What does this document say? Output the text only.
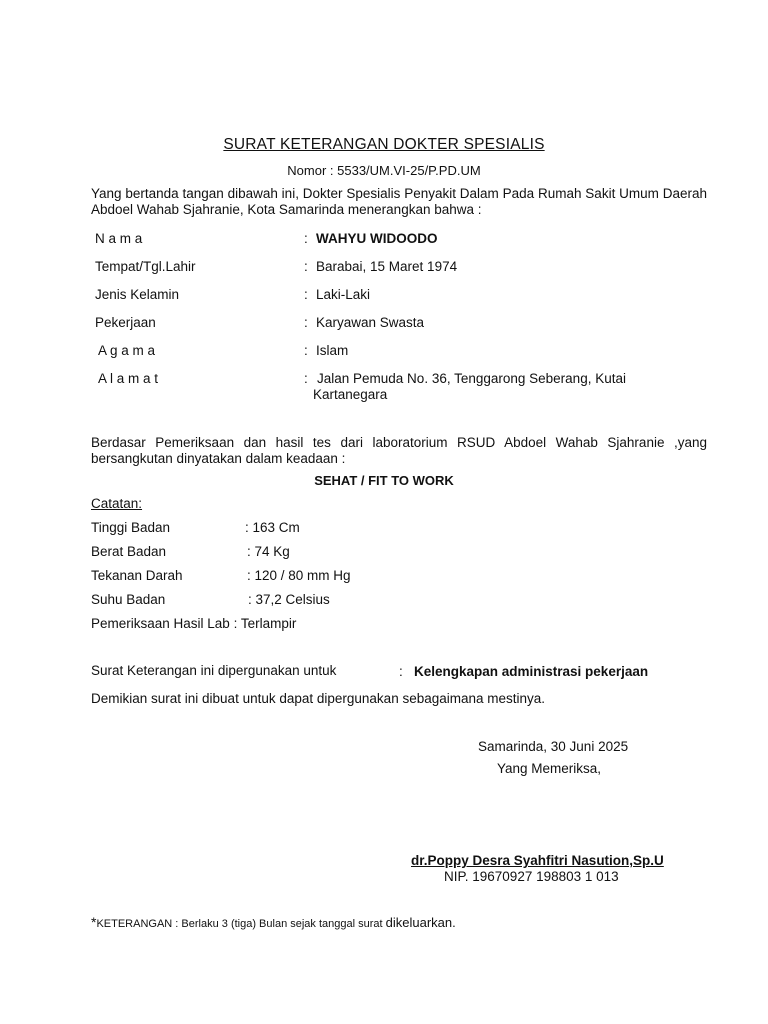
SURAT KETERANGAN DOKTER SPESIALIS
Nomor : 5533/UM.VI-25/P.PD.UM
Yang bertanda tangan dibawah ini, Dokter Spesialis Penyakit Dalam Pada Rumah Sakit Umum Daerah Abdoel Wahab Sjahranie, Kota Samarinda menerangkan bahwa :
N a m a	: WAHYU WIDOODO
Tempat/Tgl.Lahir	: Barabai, 15 Maret 1974
Jenis Kelamin	: Laki-Laki
Pekerjaan	: Karyawan Swasta
A g a m a	: Islam
A l a m a t	: Jalan Pemuda No. 36, Tenggarong Seberang, Kutai
Kartanegara
Berdasar Pemeriksaan dan hasil tes dari laboratorium RSUD Abdoel Wahab Sjahranie ,yang bersangkutan dinyatakan dalam keadaan :
SEHAT / FIT TO WORK
Catatan:
Tinggi Badan	: 163 Cm
Berat Badan	: 74 Kg
Tekanan Darah	: 120 / 80 mm Hg
Suhu Badan	: 37,2 Celsius
Pemeriksaan Hasil Lab : Terlampir
Surat Keterangan ini dipergunakan untuk	: Kelengkapan administrasi pekerjaan
Demikian surat ini dibuat untuk dapat dipergunakan sebagaimana mestinya.
Samarinda, 30 Juni 2025
Yang Memeriksa,
dr.Poppy Desra Syahfitri Nasution,Sp.U
NIP. 19670927 198803 1 013
*KETERANGAN : Berlaku 3 (tiga) Bulan sejak tanggal surat dikeluarkan.
